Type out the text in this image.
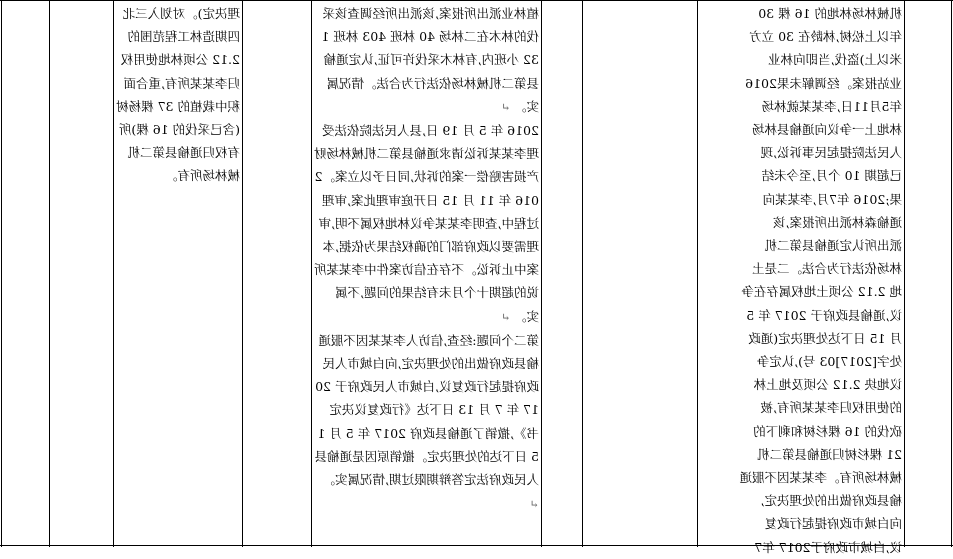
机械林场林地的 16 棵 30
年以上松树,林龄在 30 立方
米以上)盗伐,当即向林业
业站报案。经调解未果2016
年5月11日,李某某就林场
林地上一争议向通榆县林场
人民法院提起民事诉讼,现
已超期 10 个月,至今未结
果;2016 年7月,李某某向
通榆森林派出所报案,该
派出所认定通榆县第二机
林场依法行为合法。二是土
地 2.12 公顷土地权属存在争
议,通榆县政府于 2017 年 5
月 15 日下达处理决定(通政
处字[2017]03 号),认定争
议地块 2.12 公顷及地上林
的使用权归李某某所有,被
砍伐的 16 棵杉树和剩下的
21 棵杉树归通榆县第二机
械林场所有。李某某因不服通
榆县政府做出的处理决定,
向白城市政府提起行政复
议,白城市政府于2017 年7
植林业派出所报案,该派出所经调查该采伐的林木在二林场 40 林班 403 林班 132 小班内,有林木采伐许可证,认定通榆县第二机械林场依法行为合法。情况属实。 ↵
2016 年 5 月 19 日,县人民法院依法受理李某某诉讼请求通榆县第二机械林场财产损害赔偿一案的诉状,同日予以立案。2016 年 11 月 15 日开庭审理此案,审理过程中,查明李某某争议林地权属不明,审理需要以政府部门的确权结果为依据,本案中止诉讼。不存在信访案件中李某某所说的超期十个月未有结果的问题,不属实。 ↵
第二个问题:经查,信访人李某某因不服通榆县政府做出的处理决定,向白城市人民政府提起行政复议,白城市人民政府于 2017 年 7 月 13 日下达《行政复议决定书》,撤销了通榆县政府 2017 年 5 月 15 日下达的处理决定。撤销原因是通榆县人民政府法定答辩期限过期,情况属实。 ↵
理决定)。对划入三北四期造林工程范围的 2.12 公顷林地使用权归李某某所有,重合面积中栽植的 37 棵杨树(含已采伐的 16 棵)所有权归通榆县第二机械林场所有。
